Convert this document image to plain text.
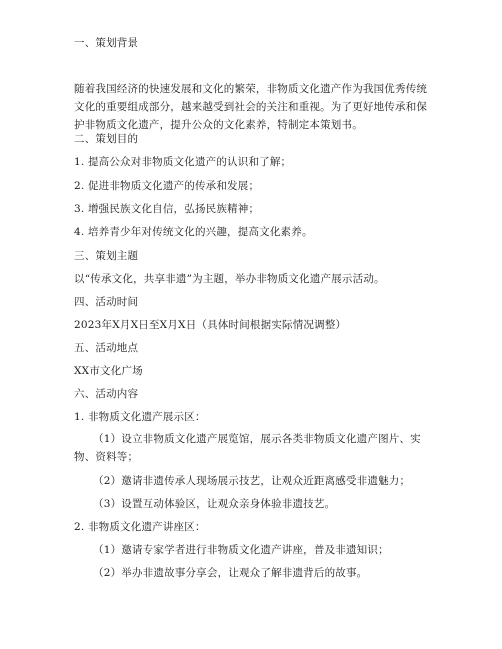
一、策划背景
随着我国经济的快速发展和文化的繁荣，非物质文化遗产作为我国优秀传统文化的重要组成部分，越来越受到社会的关注和重视。为了更好地传承和保护非物质文化遗产，提升公众的文化素养，特制定本策划书。
二、策划目的
1. 提高公众对非物质文化遗产的认识和了解；
2. 促进非物质文化遗产的传承和发展；
3. 增强民族文化自信，弘扬民族精神；
4. 培养青少年对传统文化的兴趣，提高文化素养。
三、策划主题
以“传承文化，共享非遗”为主题，举办非物质文化遗产展示活动。
四、活动时间
2023年X月X日至X月X日（具体时间根据实际情况调整）
五、活动地点
XX市文化广场
六、活动内容
1. 非物质文化遗产展示区：
（1）设立非物质文化遗产展览馆，展示各类非物质文化遗产图片、实物、资料等；
（2）邀请非遗传承人现场展示技艺，让观众近距离感受非遗魅力；
（3）设置互动体验区，让观众亲身体验非遗技艺。
2. 非物质文化遗产讲座区：
（1）邀请专家学者进行非物质文化遗产讲座，普及非遗知识；
（2）举办非遗故事分享会，让观众了解非遗背后的故事。
